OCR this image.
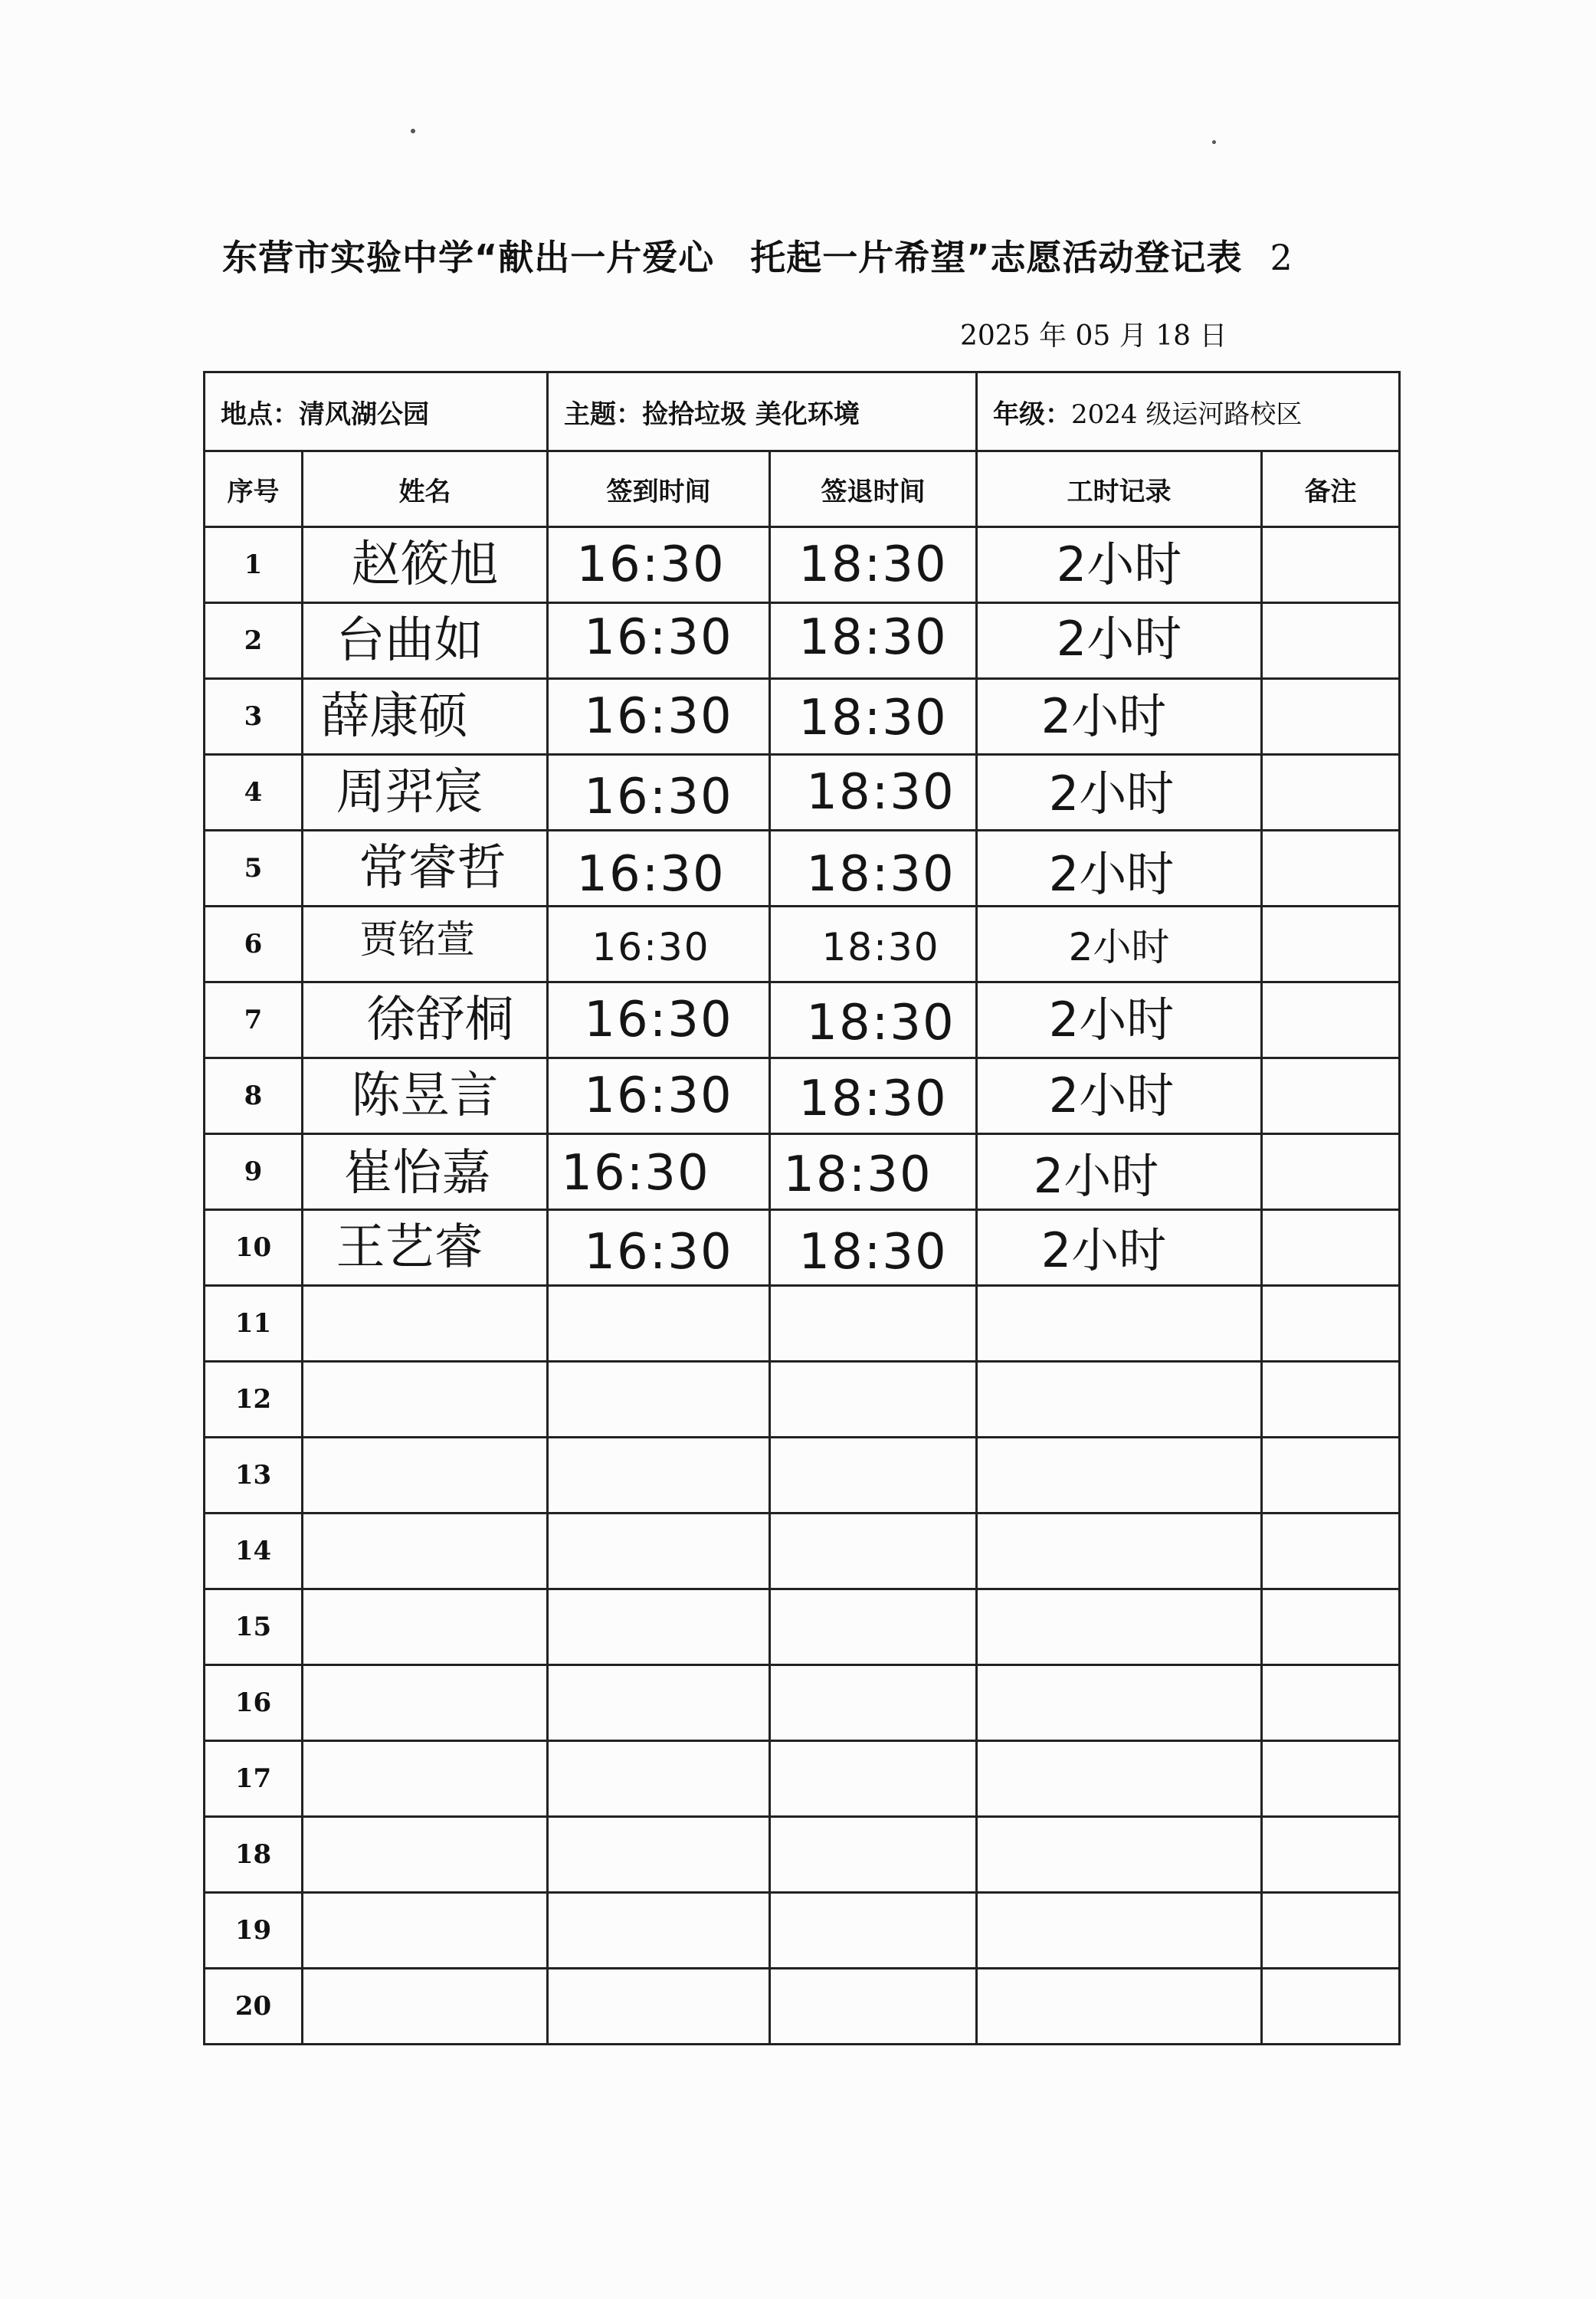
东营市实验中学“献出一片爱心　托起一片希望”志愿活动登记表 2
2025 年 05 月 18 日
地点：清风湖公园		主题：捡拾垃圾 美化环境		年级：2024 级运河路校区	
序号	姓名	签到时间	签退时间	工时记录	备注
1	赵筱旭	16:30	18:30	2小时	
2	台曲如	16:30	18:30	2小时	
3	薛康硕	16:30	18:30	2小时	
4	周羿宸	16:30	18:30	2小时	
5	常睿哲	16:30	18:30	2小时	
6	贾铭萱	16:30	18:30	2小时	
7	徐舒桐	16:30	18:30	2小时	
8	陈昱言	16:30	18:30	2小时	
9	崔怡嘉	16:30	18:30	2小时	
10	王艺睿	16:30	18:30	2小时	
11					
12					
13					
14					
15					
16					
17					
18					
19					
20					
